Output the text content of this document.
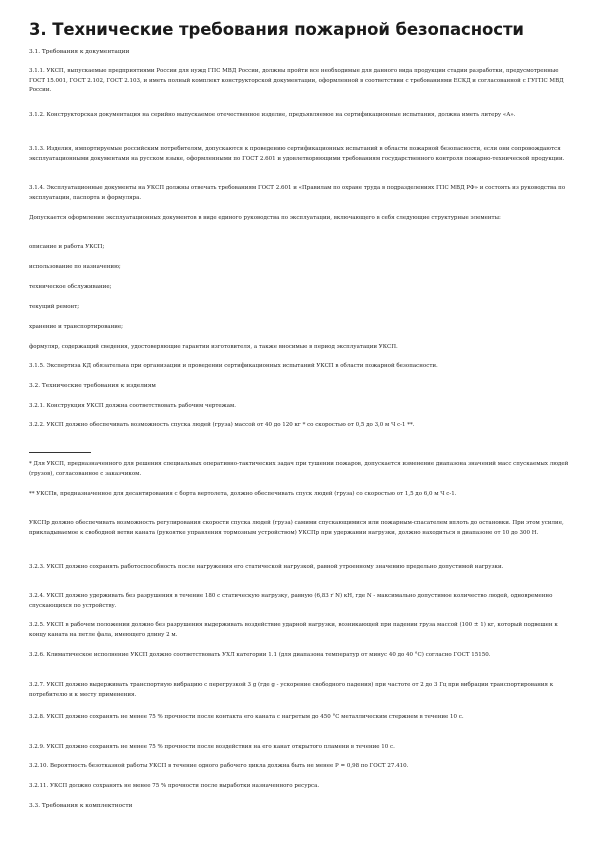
3. Технические требования пожарной безопасности
3.1. Требования к документации
3.1.1. УКСП, выпускаемые предприятиями России для нужд ГПС МВД России, должны пройти все необходимые для данного вида продукции стадии разработки, предусмотренные ГОСТ 15.001, ГОСТ 2.102, ГОСТ 2.103, и иметь полный комплект конструкторской документации, оформленной в соответствии с требованиями ЕСКД и согласованной с ГУГПС МВД России.
3.1.2. Конструкторская документация на серийно выпускаемое отечественное изделие, предъявляемое на сертификационные испытания, должна иметь литеру «А».
3.1.3. Изделия, импортируемые российским потребителям, допускаются к проведению сертификационных испытаний в области пожарной безопасности, если они сопровождаются эксплуатационными документами на русском языке, оформленными по ГОСТ 2.601 и удовлетворяющими требованиям государственного контроля пожарно-технической продукции.
3.1.4. Эксплуатационные документы на УКСП должны отвечать требованиям ГОСТ 2.601 и «Правилам по охране труда в подразделениях ГПС МВД РФ» и состоять из руководства по эксплуатации, паспорта и формуляра.
Допускается оформление эксплуатационных документов в виде единого руководства по эксплуатации, включающего в себя следующие структурные элементы:
описание и работа УКСП;
использование по назначению;
техническое обслуживание;
текущий ремонт;
хранение и транспортирование;
формуляр, содержащий сведения, удостоверяющие гарантии изготовителя, а также вносимые в период эксплуатации УКСП.
3.1.5. Экспертиза КД обязательна при организации и проведении сертификационных испытаний УКСП в области пожарной безопасности.
3.2. Технические требования к изделиям
3.2.1. Конструкция УКСП должна соответствовать рабочим чертежам.
3.2.2. УКСП должно обеспечивать возможность спуска людей (груза) массой от 40 до 120 кг * со скоростью от 0,5 до 3,0 м Ч с-1 **.
* Для УКСП, предназначенного для решения специальных оперативно-тактических задач при тушении пожаров, допускается изменение диапазона значений масс спускаемых людей (грузов), согласованное с заказчиком.
** УКСПв, предназначенное для десантирования с борта вертолета, должно обеспечивать спуск людей (груза) со скоростью от 1,5 до 6,0 м Ч с-1.
УКСПр должно обеспечивать возможность регулирования скорости спуска людей (груза) самими спускающимися или пожарным-спасателем вплоть до остановки. При этом усилие, прикладываемое к свободной ветви каната (рукоятке управления тормозным устройством) УКСПр при удержании нагрузки, должно находиться в диапазоне от 10 до 300 Н.
3.2.3. УКСП должно сохранять работоспособность после нагружения его статической нагрузкой, равной утроенному значению предельно допустимой нагрузки.
3.2.4. УКСП должно удерживать без разрушения в течение 180 с статическую нагрузку, равную (6,83 ґ N) кН, где N - максимально допустимое количество людей, одновременно спускающихся по устройству.
3.2.5. УКСП в рабочем положении должно без разрушения выдерживать воздействие ударной нагрузки, возникающей при падении груза массой (100 ± 1) кг, который подвешен к концу каната на петле фала, имеющего длину 2 м.
3.2.6. Климатическое исполнение УКСП должно соответствовать УХЛ категории 1.1 (для диапазона температур от минус 40 до 40 °С) согласно ГОСТ 15150.
3.2.7. УКСП должно выдерживать транспортную вибрацию с перегрузкой 3 g (где g - ускорение свободного падения) при частоте от 2 до 3 Гц при вибрации транспортирования к потребителю и к месту применения.
3.2.8. УКСП должно сохранять не менее 75 % прочности после контакта его каната с нагретым до 450 °С металлическим стержнем в течение 10 с.
3.2.9. УКСП должно сохранять не менее 75 % прочности после воздействия на его канат открытого пламени в течение 10 с.
3.2.10. Вероятность безотказной работы УКСП в течение одного рабочего цикла должна быть не менее P = 0,98 по ГОСТ 27.410.
3.2.11. УКСП должно сохранять не менее 75 % прочности после выработки назначенного ресурса.
3.3. Требования к комплектности
